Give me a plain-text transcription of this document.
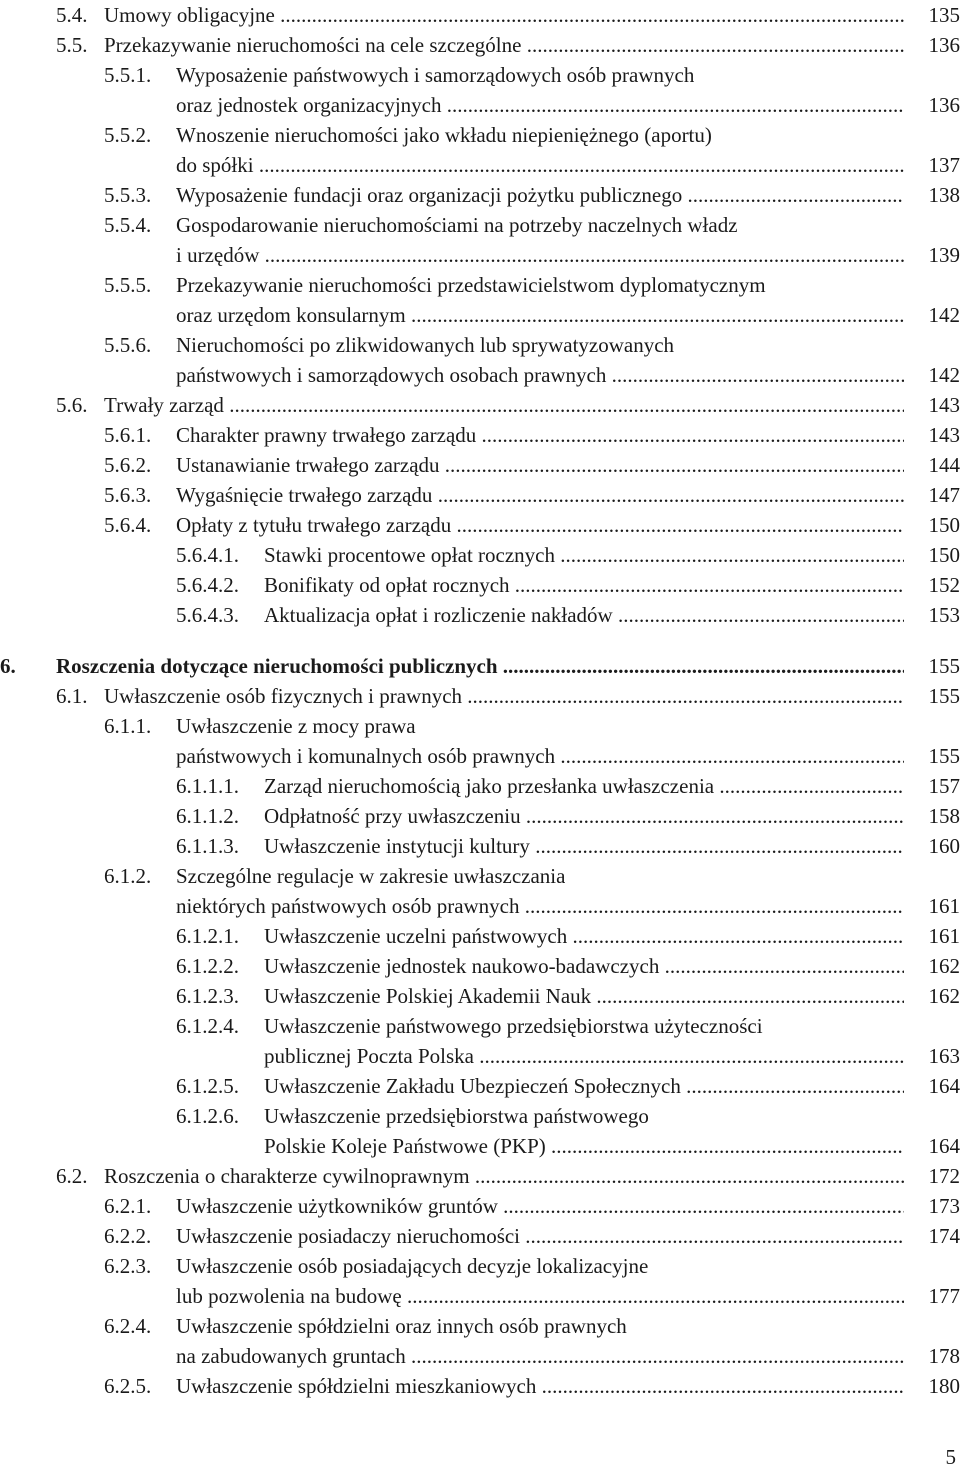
5.4. Umowy obligacyjne .....	135
5.5. Przekazywanie nieruchomości na cele szczególne .....	136
5.5.1. Wyposażenie państwowych i samorządowych osób prawnych
oraz jednostek organizacyjnych .....	136
5.5.2. Wnoszenie nieruchomości jako wkładu niepieniężnego (aportu)
do spółki .....	137
5.5.3. Wyposażenie fundacji oraz organizacji pożytku publicznego .....	138
5.5.4. Gospodarowanie nieruchomościami na potrzeby naczelnych władz
i urzędów .....	139
5.5.5. Przekazywanie nieruchomości przedstawicielstwom dyplomatycznym
oraz urzędom konsularnym .....	142
5.5.6. Nieruchomości po zlikwidowanych lub sprywatyzowanych
państwowych i samorządowych osobach prawnych .....	142
5.6. Trwały zarząd .....	143
5.6.1. Charakter prawny trwałego zarządu .....	143
5.6.2. Ustanawianie trwałego zarządu .....	144
5.6.3. Wygaśnięcie trwałego zarządu .....	147
5.6.4. Opłaty z tytułu trwałego zarządu .....	150
5.6.4.1. Stawki procentowe opłat rocznych .....	150
5.6.4.2. Bonifikaty od opłat rocznych .....	152
5.6.4.3. Aktualizacja opłat i rozliczenie nakładów .....	153
6. Roszczenia dotyczące nieruchomości publicznych .....	155
6.1. Uwłaszczenie osób fizycznych i prawnych .....	155
6.1.1. Uwłaszczenie z mocy prawa
państwowych i komunalnych osób prawnych .....	155
6.1.1.1. Zarząd nieruchomością jako przesłanka uwłaszczenia .....	157
6.1.1.2. Odpłatność przy uwłaszczeniu .....	158
6.1.1.3. Uwłaszczenie instytucji kultury .....	160
6.1.2. Szczególne regulacje w zakresie uwłaszczania
niektórych państwowych osób prawnych .....	161
6.1.2.1. Uwłaszczenie uczelni państwowych .....	161
6.1.2.2. Uwłaszczenie jednostek naukowo-badawczych .....	162
6.1.2.3. Uwłaszczenie Polskiej Akademii Nauk .....	162
6.1.2.4. Uwłaszczenie państwowego przedsiębiorstwa użyteczności
publicznej Poczta Polska .....	163
6.1.2.5. Uwłaszczenie Zakładu Ubezpieczeń Społecznych .....	164
6.1.2.6. Uwłaszczenie przedsiębiorstwa państwowego
Polskie Koleje Państwowe (PKP) .....	164
6.2. Roszczenia o charakterze cywilnoprawnym .....	172
6.2.1. Uwłaszczenie użytkowników gruntów .....	173
6.2.2. Uwłaszczenie posiadaczy nieruchomości .....	174
6.2.3. Uwłaszczenie osób posiadających decyzje lokalizacyjne
lub pozwolenia na budowę .....	177
6.2.4. Uwłaszczenie spółdzielni oraz innych osób prawnych
na zabudowanych gruntach .....	178
6.2.5. Uwłaszczenie spółdzielni mieszkaniowych .....	180
5
